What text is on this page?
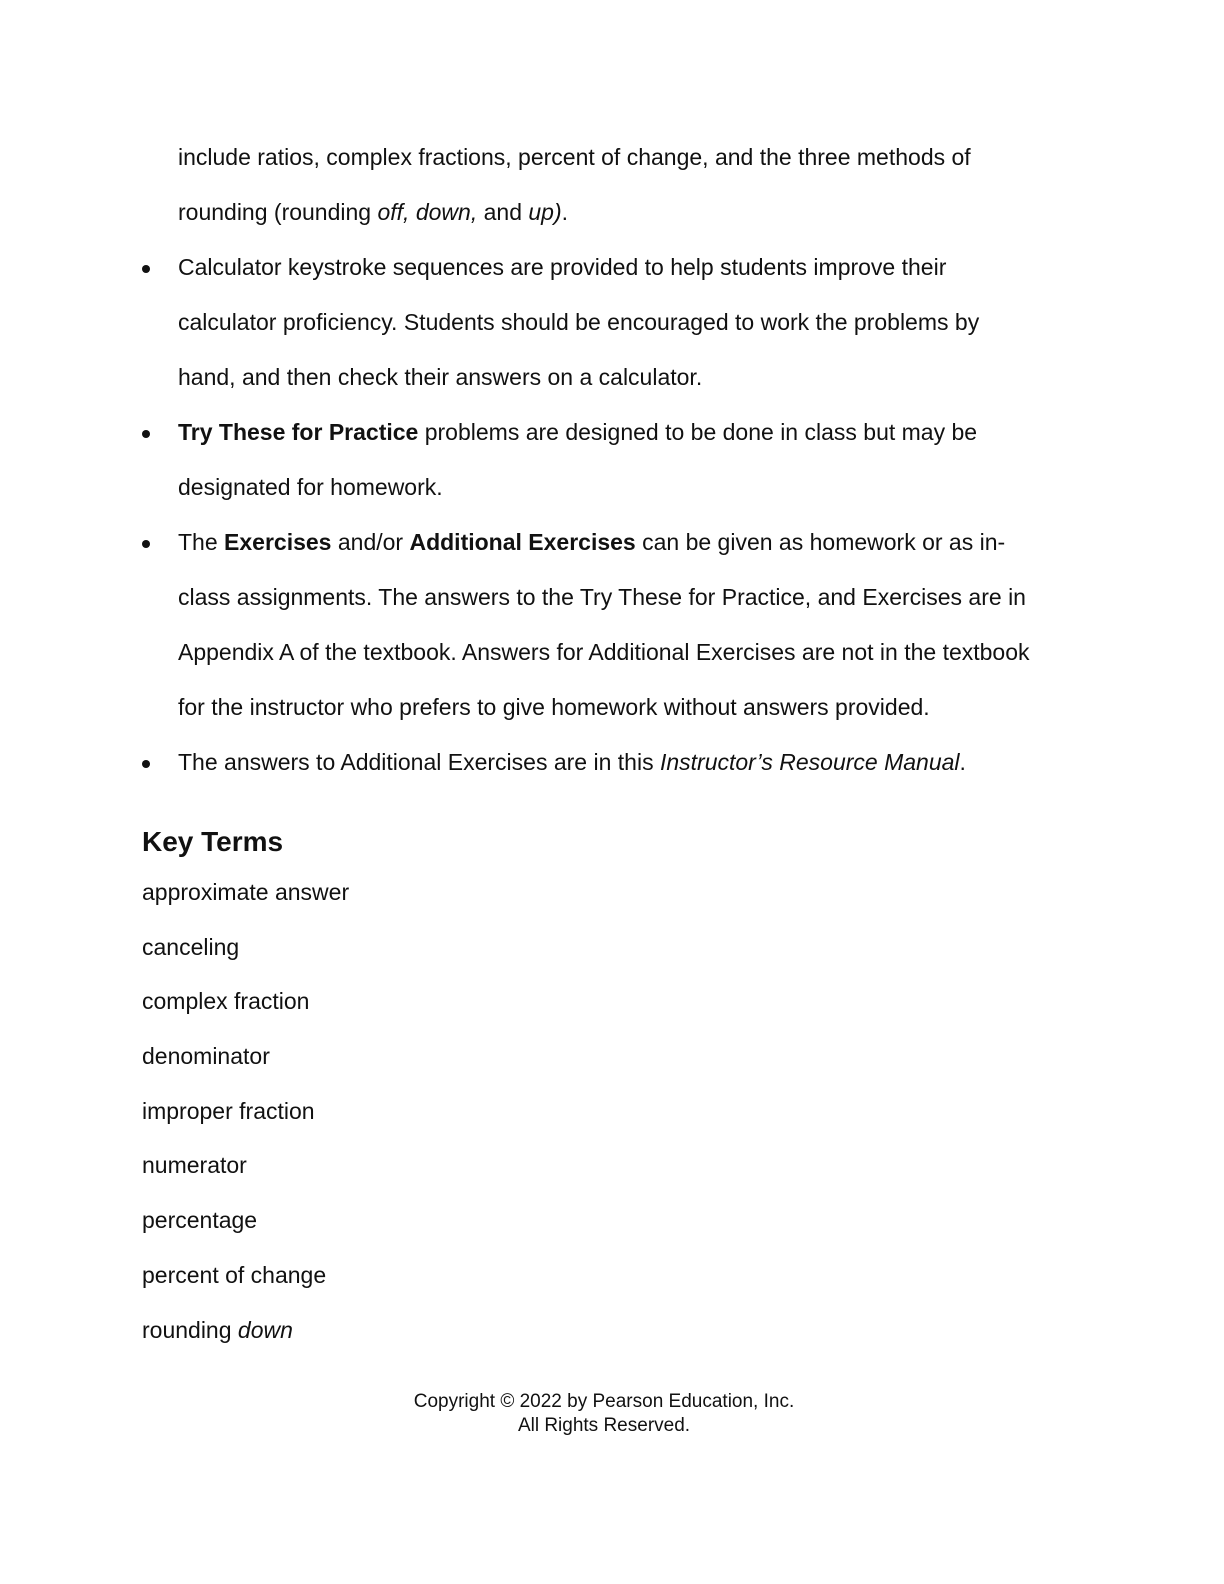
include ratios, complex fractions, percent of change, and the three methods of
rounding (rounding off, down, and up).
Calculator keystroke sequences are provided to help students improve their
calculator proficiency. Students should be encouraged to work the problems by
hand, and then check their answers on a calculator.
Try These for Practice problems are designed to be done in class but may be
designated for homework.
The Exercises and/or Additional Exercises can be given as homework or as in-
class assignments. The answers to the Try These for Practice, and Exercises are in
Appendix A of the textbook. Answers for Additional Exercises are not in the textbook
for the instructor who prefers to give homework without answers provided.
The answers to Additional Exercises are in this Instructor’s Resource Manual.
Key Terms
approximate answer
canceling
complex fraction
denominator
improper fraction
numerator
percentage
percent of change
rounding down
Copyright © 2022 by Pearson Education, Inc.
All Rights Reserved.
